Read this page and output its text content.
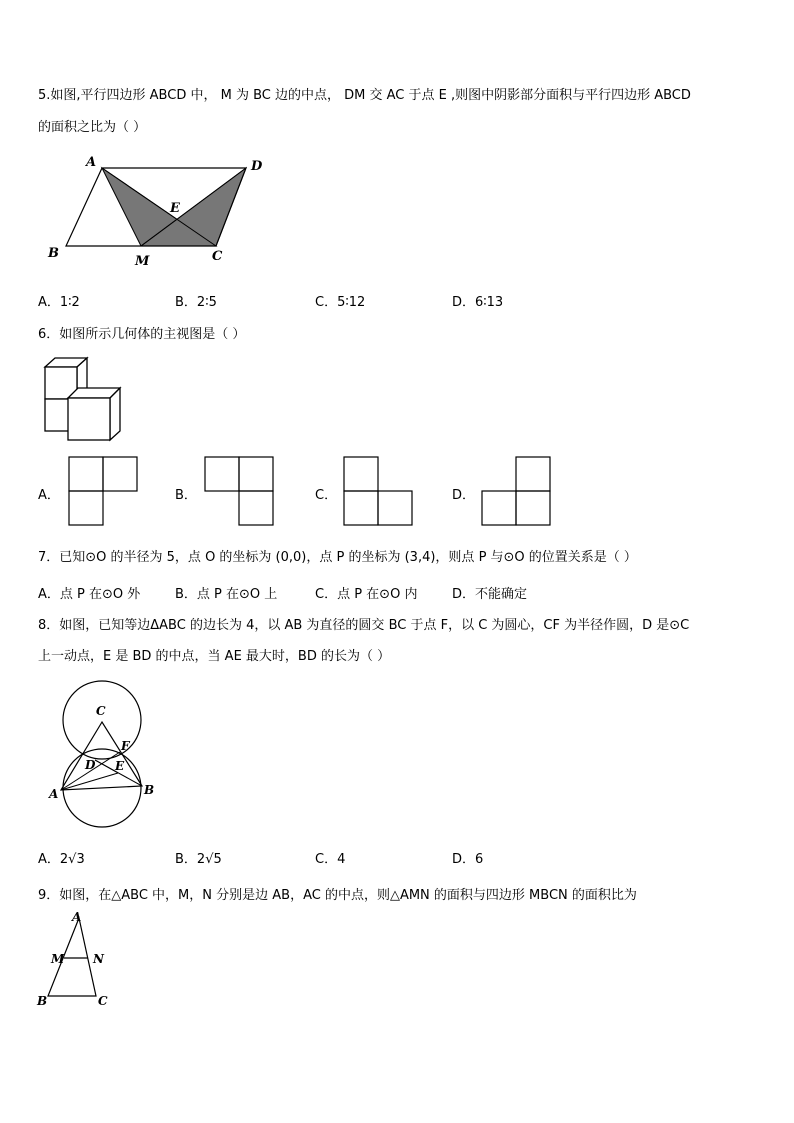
5.如图,平行四边形 ABCD 中， M 为 BC 边的中点， DM 交 AC 于点 E ,则图中阴影部分面积与平行四边形 ABCD
的面积之比为（ ）
A	D
E
B
M	C
A．1∶2	B．2∶5	C．5∶12	D．6∶13
6．如图所示几何体的主视图是（ ）
A．	B．	C．	D．
7．已知⊙O 的半径为 5，点 O 的坐标为 (0,0)，点 P 的坐标为 (3,4)，则点 P 与⊙O 的位置关系是（ ）
A．点 P 在⊙O 外	B．点 P 在⊙O 上	C．点 P 在⊙O 内	D．不能确定
8．如图，已知等边ΔABC 的边长为 4，以 AB 为直径的圆交 BC 于点 F，以 C 为圆心，CF 为半径作圆，D 是⊙C
上一动点，E 是 BD 的中点，当 AE 最大时，BD 的长为（ ）
C
F
D E
A	B
A．2√3	B．2√5	C．4	D．6
9．如图，在△ABC 中，M，N 分别是边 AB，AC 的中点，则△AMN 的面积与四边形 MBCN 的面积比为
A
M N
B	C
